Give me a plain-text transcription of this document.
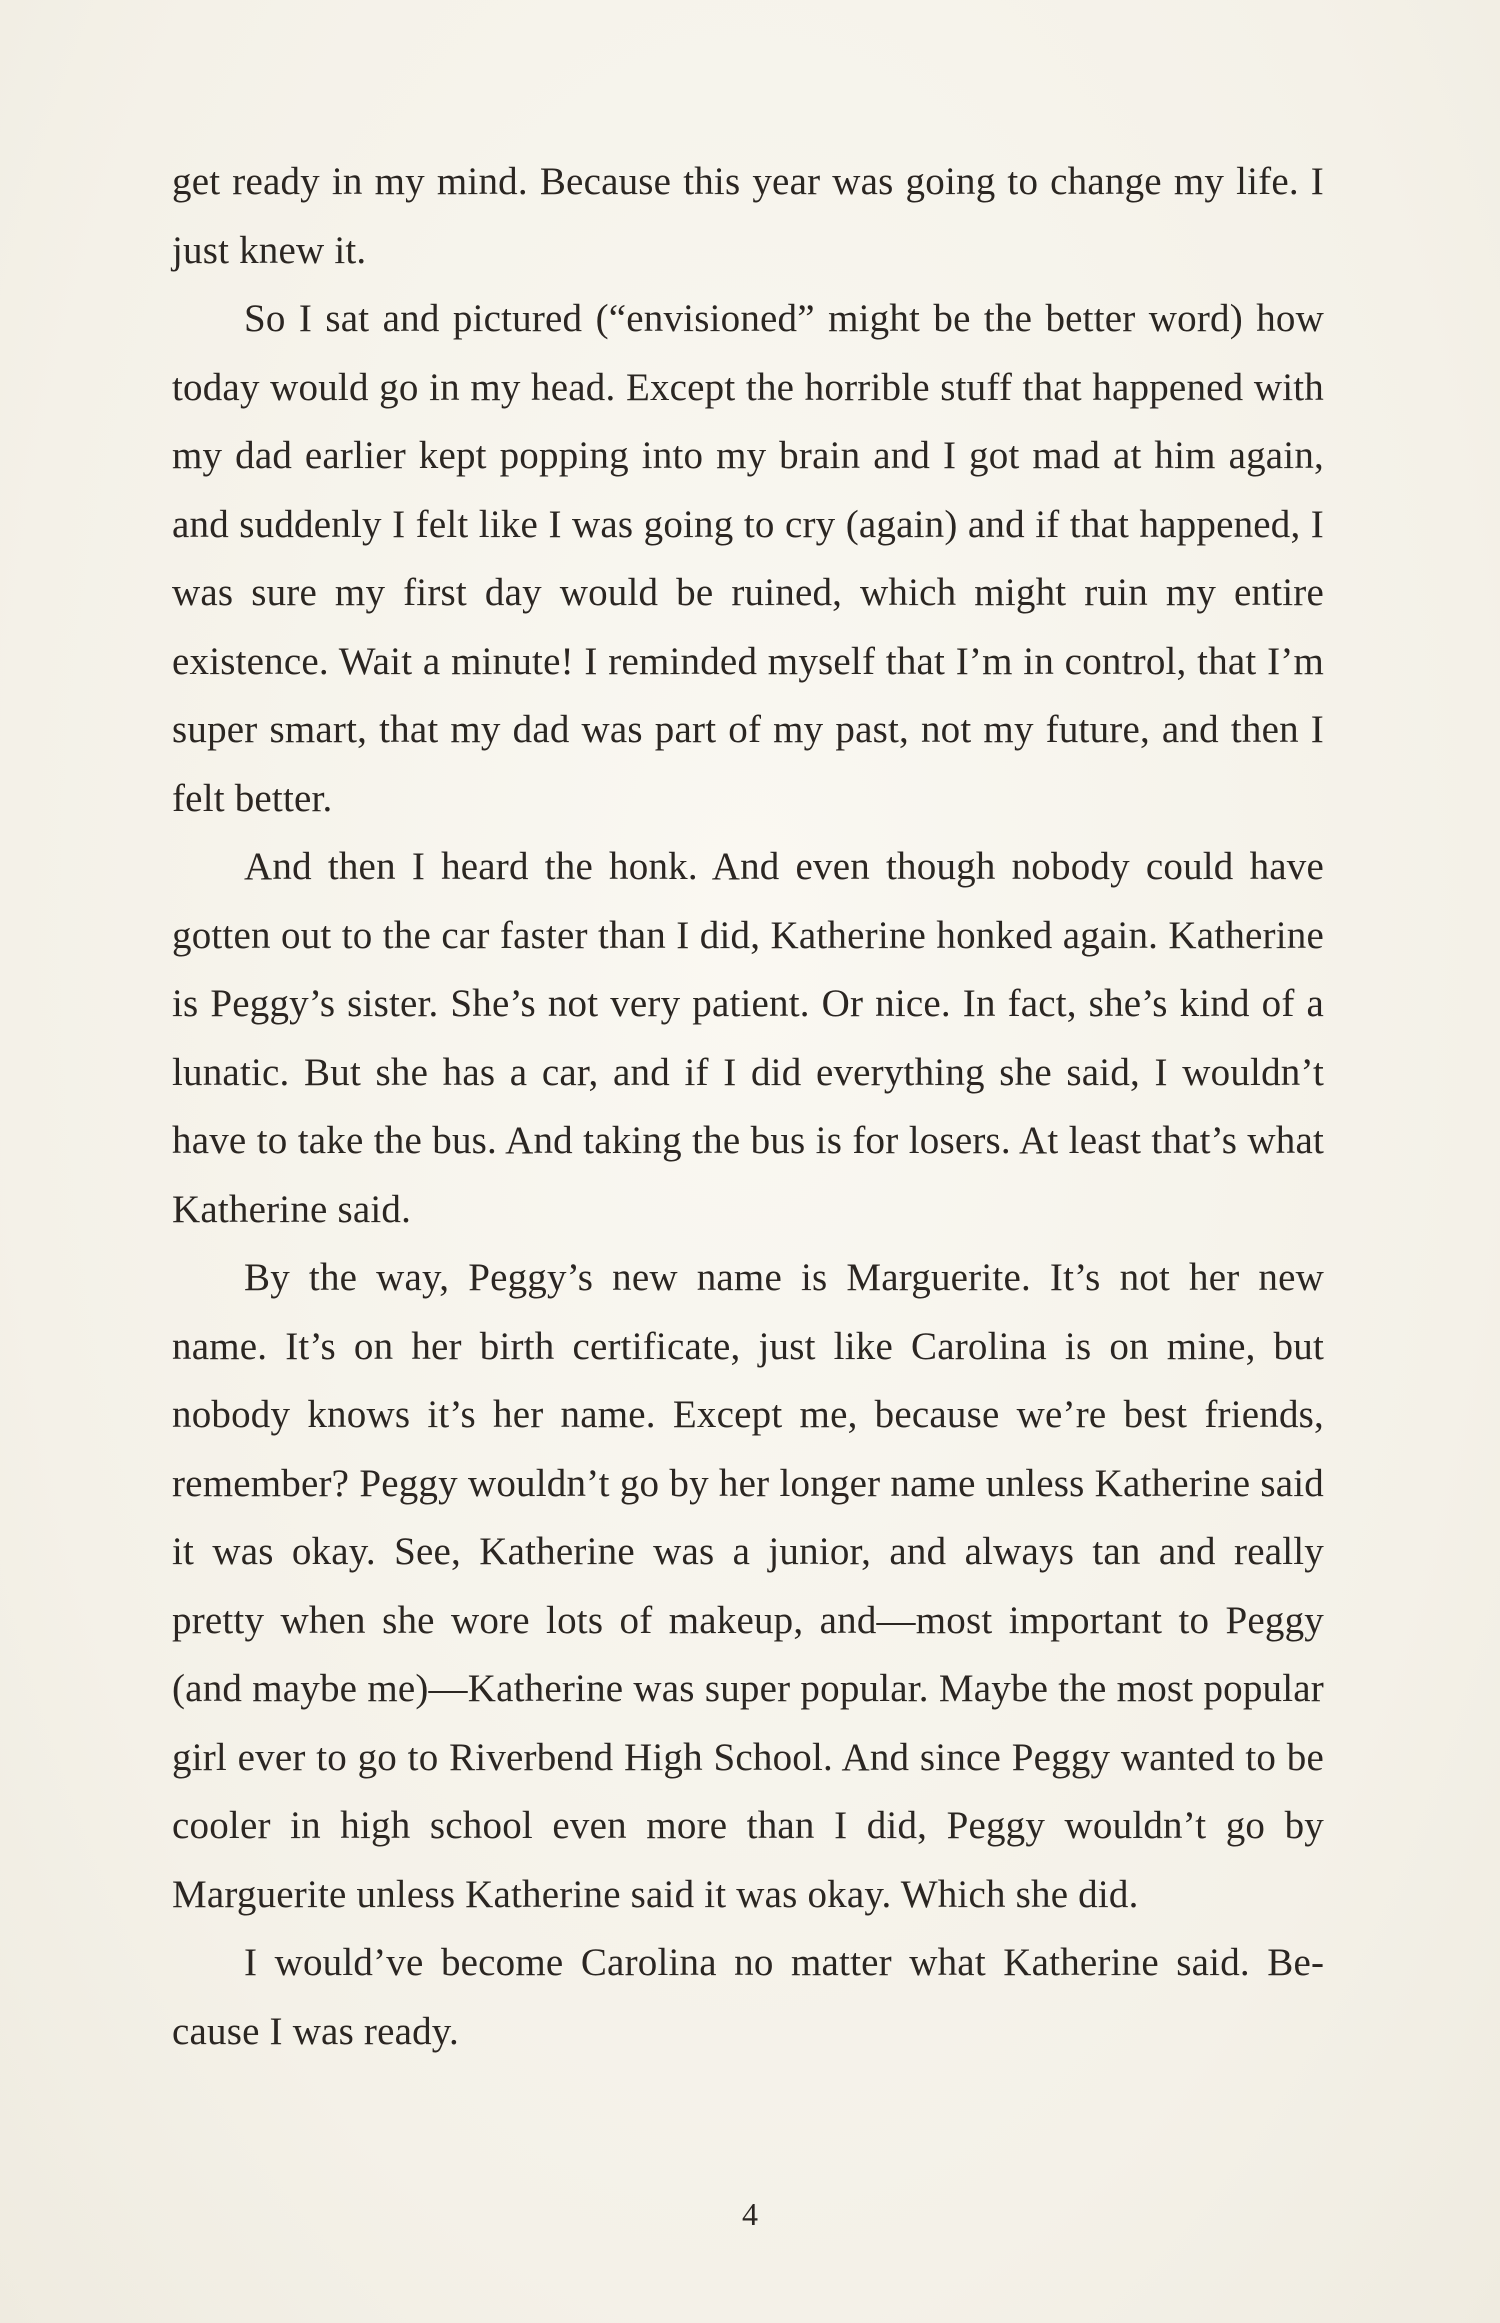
get ready in my mind. Because this year was going to change my life. I just knew it.

So I sat and pictured (“envisioned” might be the better word) how today would go in my head. Except the horrible stuff that happened with my dad earlier kept popping into my brain and I got mad at him again, and suddenly I felt like I was going to cry (again) and if that happened, I was sure my first day would be ruined, which might ruin my entire existence. Wait a minute! I reminded myself that I’m in control, that I’m super smart, that my dad was part of my past, not my future, and then I felt better.

And then I heard the honk. And even though nobody could have gotten out to the car faster than I did, Katherine honked again. Katherine is Peggy’s sister. She’s not very patient. Or nice. In fact, she’s kind of a lunatic. But she has a car, and if I did everything she said, I wouldn’t have to take the bus. And taking the bus is for losers. At least that’s what Katherine said.

By the way, Peggy’s new name is Marguerite. It’s not her new name. It’s on her birth certificate, just like Carolina is on mine, but nobody knows it’s her name. Except me, because we’re best friends, remember? Peggy wouldn’t go by her longer name unless Katherine said it was okay. See, Katherine was a junior, and always tan and really pretty when she wore lots of makeup, and—most important to Peggy (and maybe me)—Katherine was super popular. Maybe the most popular girl ever to go to Riverbend High School. And since Peggy wanted to be cooler in high school even more than I did, Peggy wouldn’t go by Marguerite unless Katherine said it was okay. Which she did.

I would’ve become Carolina no matter what Katherine said. Because I was ready.

4
